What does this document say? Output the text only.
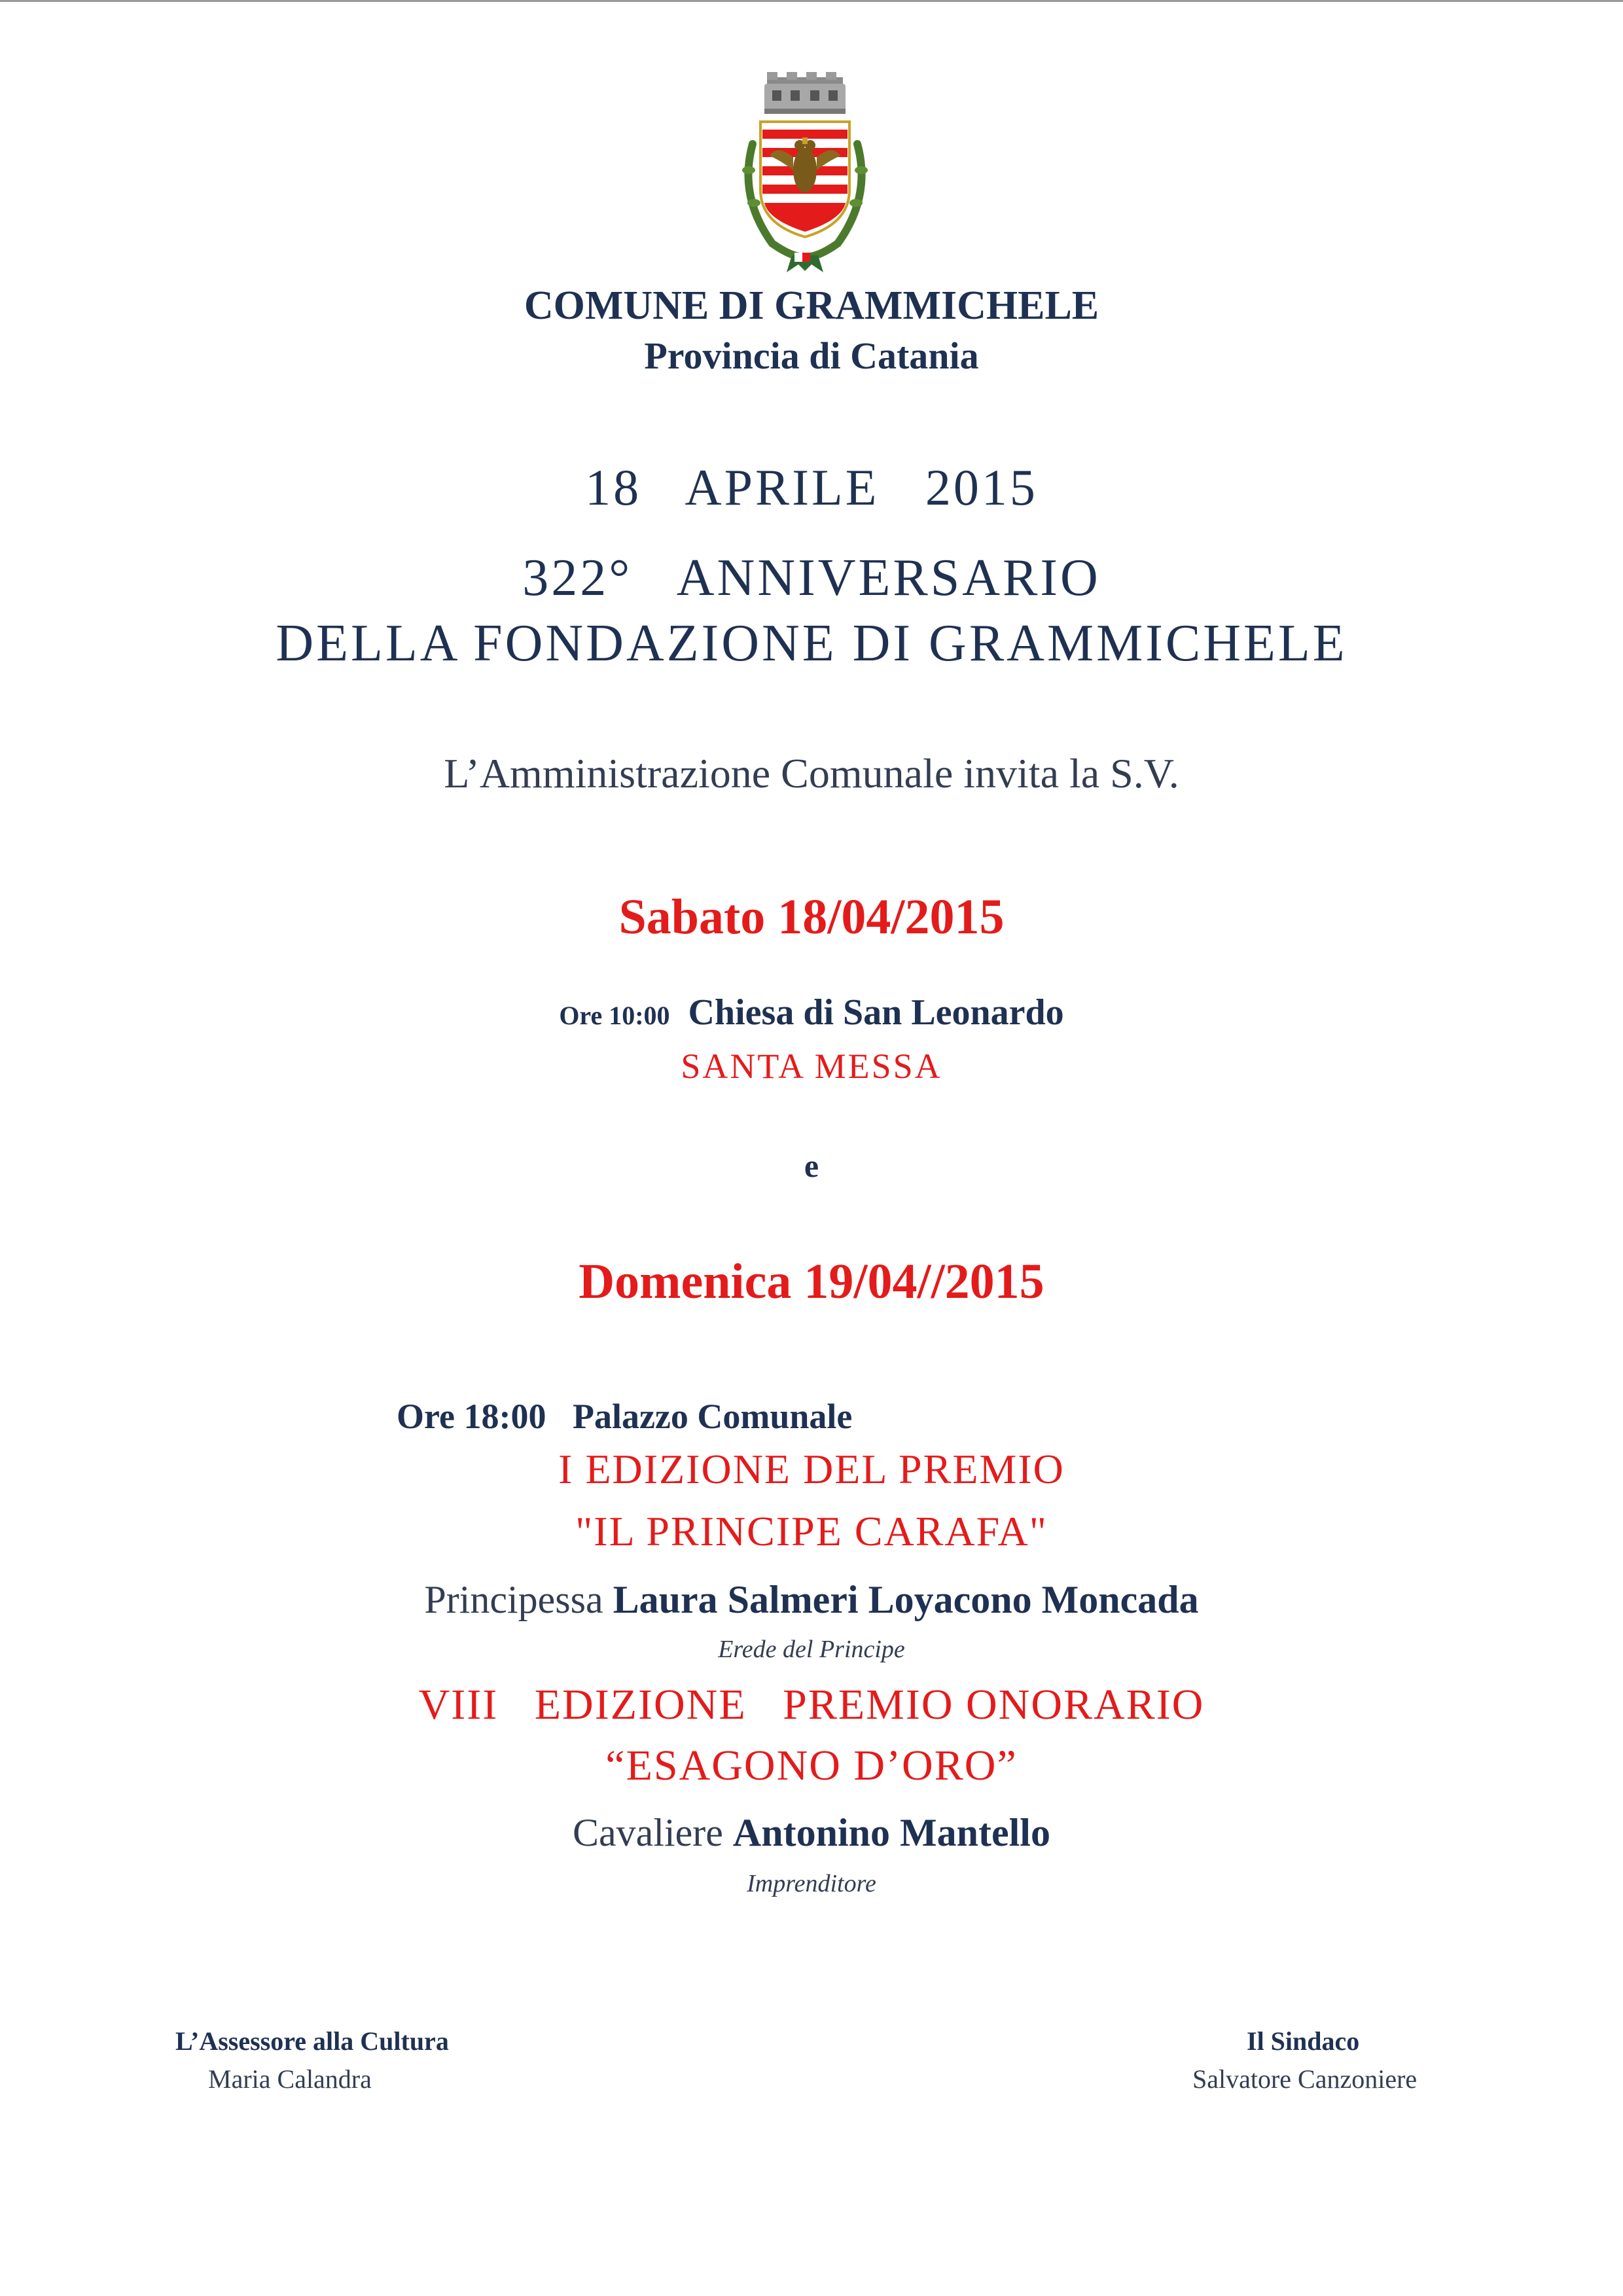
COMUNE DI GRAMMICHELE
Provincia di Catania
18   APRILE   2015
322°   ANNIVERSARIO
DELLA FONDAZIONE DI GRAMMICHELE
L’Amministrazione Comunale invita la S.V.
Sabato 18/04/2015
Ore 10:00 Chiesa di San Leonardo
SANTA MESSA
e
Domenica 19/04//2015
Ore 18:00 Palazzo Comunale
I EDIZIONE DEL PREMIO
"IL PRINCIPE CARAFA"
Principessa Laura Salmeri Loyacono Moncada
Erede del Principe
VIII   EDIZIONE   PREMIO ONORARIO
“ESAGONO D’ORO”
Cavaliere Antonino Mantello
Imprenditore
L’Assessore alla Cultura
Maria Calandra
Il Sindaco
Salvatore Canzoniere
